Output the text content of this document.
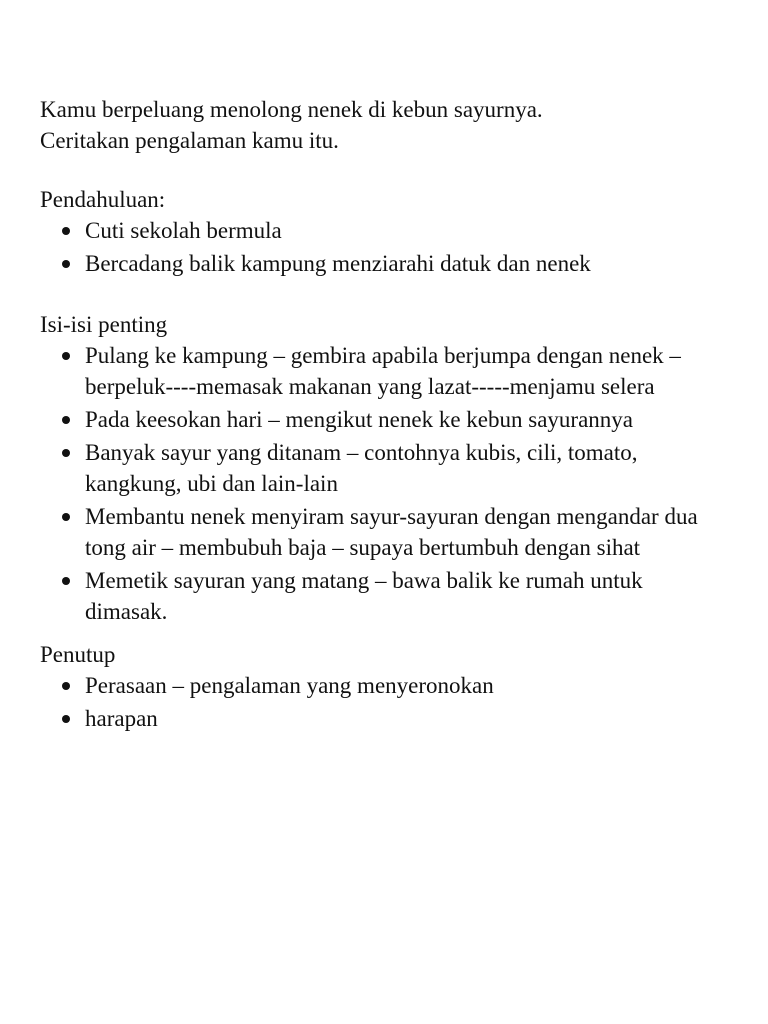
Kamu berpeluang menolong nenek di kebun sayurnya.

Ceritakan pengalaman kamu itu.

Pendahuluan:

Cuti sekolah bermula
Bercadang balik kampung menziarahi datuk dan nenek

Isi-isi penting

Pulang ke kampung – gembira apabila berjumpa dengan nenek – berpeluk----memasak makanan yang lazat-----menjamu selera
Pada keesokan hari – mengikut nenek ke kebun sayurannya
Banyak sayur yang ditanam – contohnya kubis, cili, tomato, kangkung, ubi dan lain-lain
Membantu nenek menyiram sayur-sayuran dengan mengandar dua tong air – membubuh baja – supaya bertumbuh dengan sihat
Memetik sayuran yang matang – bawa balik ke rumah untuk dimasak.

Penutup

Perasaan – pengalaman yang menyeronokan
harapan
